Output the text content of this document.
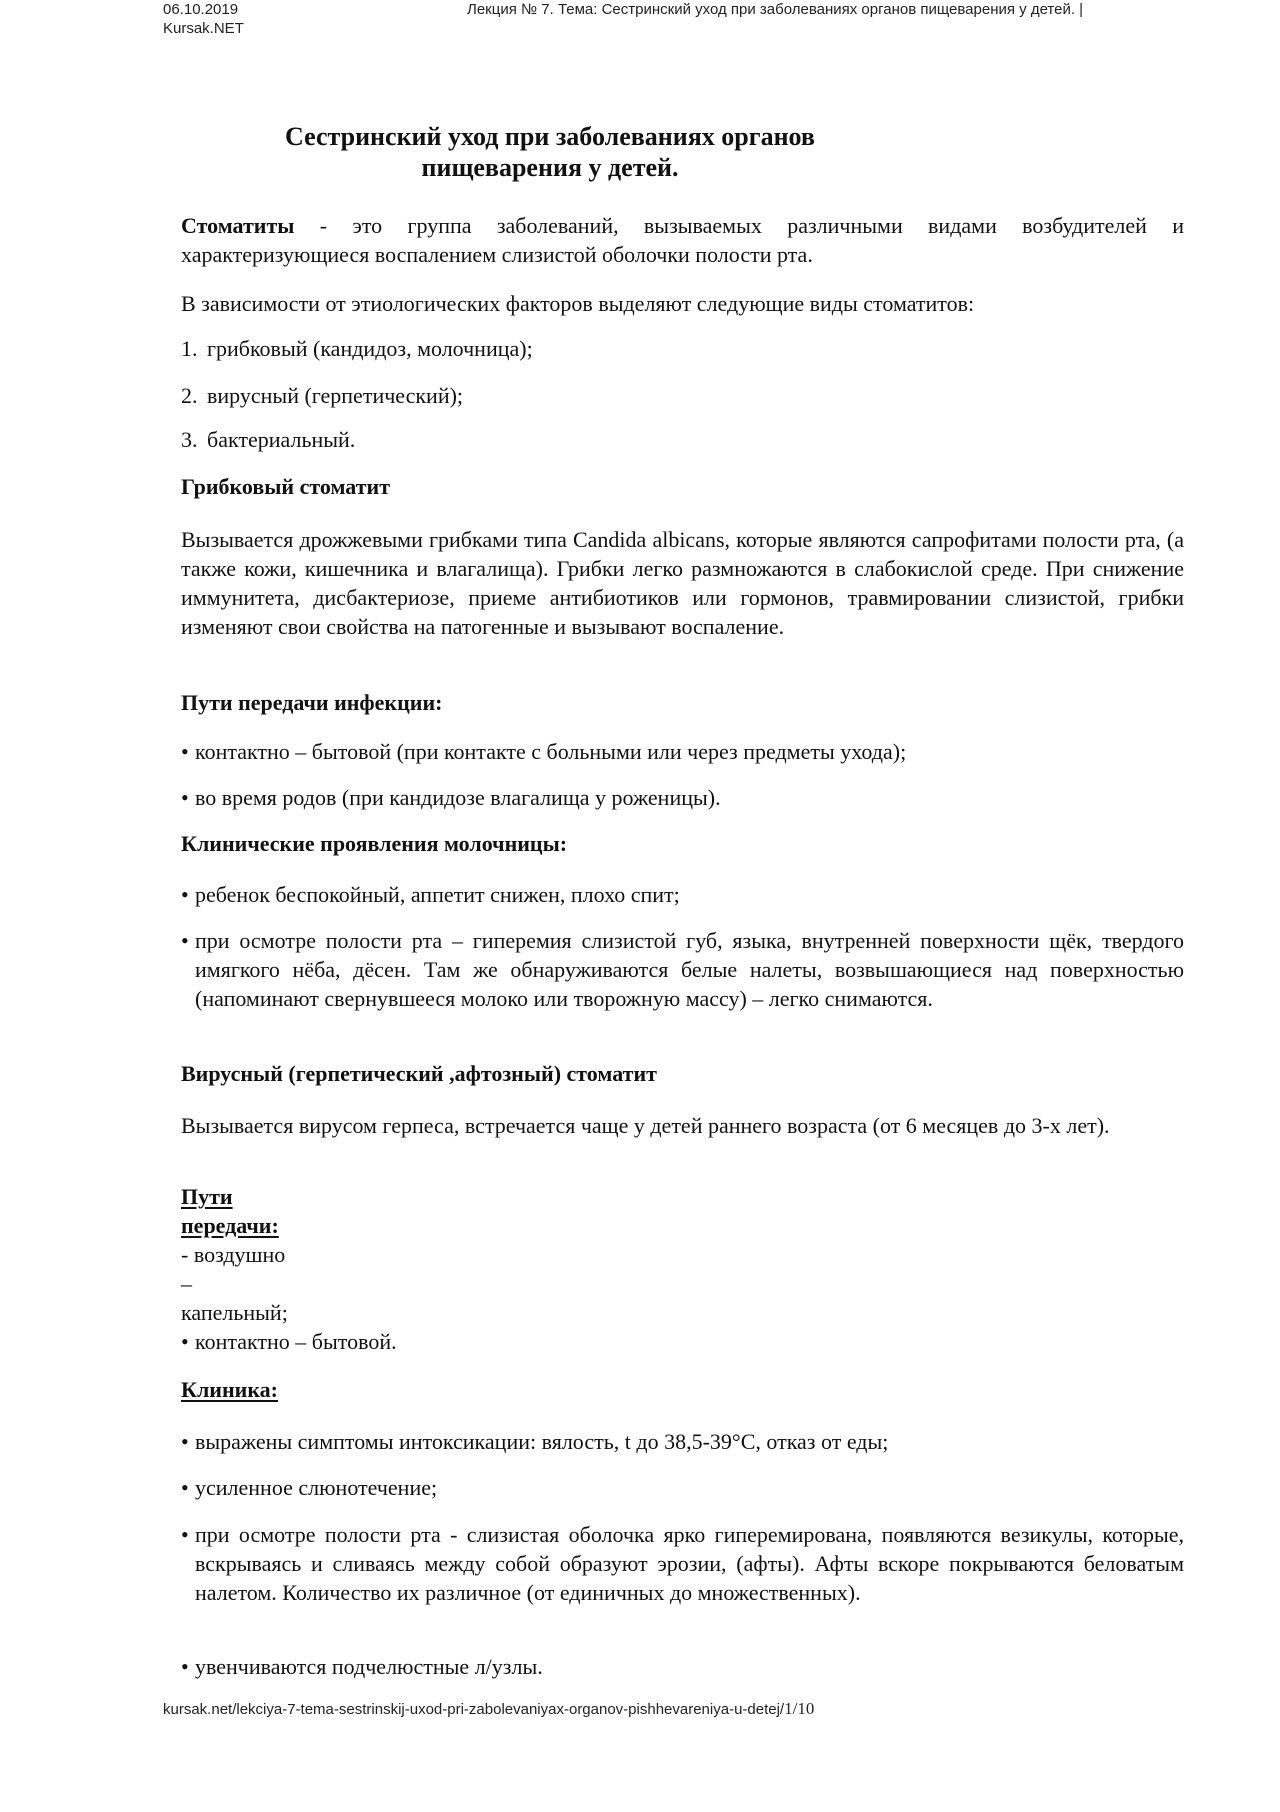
06.10.2019
Kursak.NET
Лекция № 7. Тема: Сестринский уход при заболеваниях органов пищеварения у детей. |
Сестринский уход при заболеваниях органов
пищеварения у детей.

Стоматиты - это группа заболеваний, вызываемых различными видами возбудителей и характеризующиеся воспалением слизистой оболочки полости рта.

В зависимости от этиологических факторов выделяют следующие виды стоматитов:

1. грибковый (кандидоз, молочница);
2. вирусный (герпетический);
3. бактериальный.
Грибковый стоматит

Вызывается дрожжевыми грибками типа Candida albicans, которые являются сапрофитами полости рта, (а также кожи, кишечника и влагалища). Грибки легко размножаются в слабокислой среде. При снижение иммунитета, дисбактериозе, приеме антибиотиков или гормонов, травмировании слизистой, грибки изменяют свои свойства на патогенные и вызывают воспаление.

Пути передачи инфекции:
• контактно – бытовой (при контакте с больными или через предметы ухода);
• во время родов (при кандидозе влагалища у роженицы).
Клинические проявления молочницы:
• ребенок беспокойный, аппетит снижен, плохо спит;
• при осмотре полости рта – гиперемия слизистой губ, языка, внутренней поверхности щёк, твердого имягкого нёба, дёсен. Там же обнаруживаются белые налеты, возвышающиеся над поверхностью (напоминают свернувшееся молоко или творожную массу) – легко снимаются.
Вирусный (герпетический ,афтозный) стоматит

Вызывается вирусом герпеса, встречается чаще у детей раннего возраста (от 6 месяцев до 3-х лет).

Пути
передачи:
- воздушно
–
капельный;
• контактно – бытовой.
Клиника:
• выражены симптомы интоксикации: вялость, t до 38,5-39°С, отказ от еды;
• усиленное слюнотечение;
• при осмотре полости рта - слизистая оболочка ярко гиперемирована, появляются везикулы, которые, вскрываясь и сливаясь между собой образуют эрозии, (афты). Афты вскоре покрываются беловатым налетом. Количество их различное (от единичных до множественных).
• увенчиваются подчелюстные л/узлы.
kursak.net/lekciya-7-tema-sestrinskij-uxod-pri-zabolevaniyax-organov-pishhevareniya-u-detej/1/10
